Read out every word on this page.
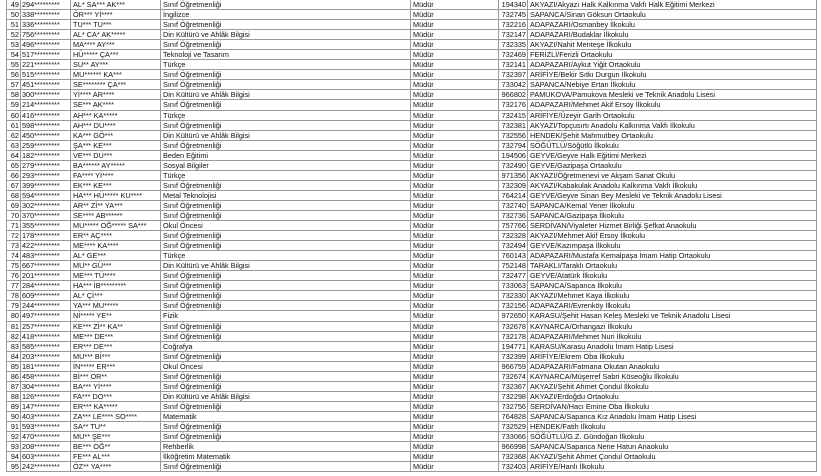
49	294*********	AL* SA*** AK***	Sınıf Öğretmenliği	Müdür	194340	AKYAZI/Akyazı Halk Kalkınma Vakfı Halk Eğitimi Merkezi
50	338*********	ÖR*** Yİ****	İngilizce	Müdür	732745	SAPANCA/Sinan Göksun Ortaokulu
51	336*********	TU*** TU***	Sınıf Öğretmenliği	Müdür	732216	ADAPAZARI/Osmanbey İlkokulu
52	756*********	AL* CA* AK*****	Din Kültürü ve Ahlâk Bilgisi	Müdür	732147	ADAPAZARI/Budaklar İlkokulu
53	496*********	MA**** AY***	Sınıf Öğretmenliği	Müdür	732335	AKYAZI/Nahit Menteşe İlkokulu
54	517*********	HÜ***** ÇA***	Teknoloji ve Tasarım	Müdür	732469	FERİZLİ/Ferizli Ortaokulu
55	221*********	SU** AY***	Türkçe	Müdür	732141	ADAPAZARI/Aykut Yiğit Ortaokulu
56	515*********	MU****** KA***	Sınıf Öğretmenliği	Müdür	732397	ARİFİYE/Bekir Sıtkı Durgun İlkokulu
57	451*********	SE******** ÇA***	Sınıf Öğretmenliği	Müdür	733042	SAPANCA/Nebiye Ertan İlkokulu
58	300*********	Yİ**** AR****	Din Kültürü ve Ahlâk Bilgisi	Müdür	966802	PAMUKOVA/Pamukova Mesleki ve Teknik Anadolu Lisesi
59	214*********	SE*** AK****	Sınıf Öğretmenliği	Müdür	732176	ADAPAZARI/Mehmet Akif Ersoy İlkokulu
60	416*********	AH*** KA*****	Türkçe	Müdür	732415	ARİFİYE/Üzeyir Garih Ortaokulu
61	598*********	AH*** DU****	Sınıf Öğretmenliği	Müdür	732381	AKYAZI/Topçusırtı Anadolu Kalkınma Vakfı İlkokulu
62	450*********	KA*** GÖ***	Din Kültürü ve Ahlâk Bilgisi	Müdür	732556	HENDEK/Şehit Mahmutbey Ortaokulu
63	259*********	ŞA*** KE***	Sınıf Öğretmenliği	Müdür	732794	SÖĞÜTLÜ/Söğütlü İlkokulu
64	182*********	VE*** DU***	Beden Eğitimi	Müdür	194506	GEYVE/Geyve Halk Eğitimi Merkezi
65	279*********	BA****** AY*****	Sosyal Bilgiler	Müdür	732490	GEYVE/Gazipaşa Ortaokulu
66	293*********	FA**** Yİ****	Türkçe	Müdür	971356	AKYAZI/Öğretmenevi ve Akşam Sanat Okulu
67	399*********	EK*** KE***	Sınıf Öğretmenliği	Müdür	732309	AKYAZI/Kabakulak Anadolu Kalkınma Vakfı İlkokulu
68	594*********	HA*** HÜ***** KU****	Metal Teknolojisi	Müdür	764214	GEYVE/Geyve Sinan Bey Mesleki ve Teknik Anadolu Lisesi
69	302*********	AR** Zİ** YA***	Sınıf Öğretmenliği	Müdür	732740	SAPANCA/Kemal Yener İlkokulu
70	370*********	SE**** AB******	Sınıf Öğretmenliği	Müdür	732736	SAPANCA/Gazipaşa İlkokulu
71	355*********	MU***** OĞ***** SA***	Okul Öncesi	Müdür	757766	SERDİVAN/Viyaleter Hizmet Birliği Şefkat Anaokulu
72	178*********	ER** AÇ****	Sınıf Öğretmenliği	Müdür	732328	AKYAZI/Mehmet Akif Ersoy İlkokulu
73	422*********	ME**** KA****	Sınıf Öğretmenliği	Müdür	732494	GEYVE/Kazımpaşa İlkokulu
74	483*********	AL* GE***	Türkçe	Müdür	760143	ADAPAZARI/Mustafa Kemalpaşa İmam Hatip Ortaokulu
75	667*********	MU** GÜ***	Din Kültürü ve Ahlâk Bilgisi	Müdür	752148	TARAKLI/Taraklı Ortaokulu
76	201*********	ME*** TÜ****	Sınıf Öğretmenliği	Müdür	732477	GEYVE/Atatürk İlkokulu
77	284*********	HA*** İB*********	Sınıf Öğretmenliği	Müdür	733063	SAPANCA/Sapanca İlkokulu
78	609*********	AL* Çİ***	Sınıf Öğretmenliği	Müdür	732330	AKYAZI/Mehmet Kaya İlkokulu
79	244*********	YA*** MU*****	Sınıf Öğretmenliği	Müdür	732156	ADAPAZARI/Evrenköy İlkokulu
80	497*********	Nİ***** YE**	Fizik	Müdür	972650	KARASU/Şehit Hasan Keleş Mesleki ve Teknik Anadolu Lisesi
81	257*********	KE*** Zİ** KA**	Sınıf Öğretmenliği	Müdür	732678	KAYNARCA/Orhangazi İlkokulu
82	418*********	ME*** DE***	Sınıf Öğretmenliği	Müdür	732178	ADAPAZARI/Mehmet Nuri İlkokulu
83	585*********	ER*** DE***	Coğrafya	Müdür	194771	KARASU/Karasu Anadolu İmam Hatip Lisesi
84	203*********	MU*** Bİ***	Sınıf Öğretmenliği	Müdür	732399	ARİFİYE/Ekrem Oba İlkokulu
85	181*********	İN***** ER***	Okul Öncesi	Müdür	966759	ADAPAZARI/Fatmana Okutan Anaokulu
86	458*********	Bİ*** OR**	Sınıf Öğretmenliği	Müdür	732674	KAYNARCA/Müşerref Sabri Köseoğlu İlkokulu
87	304*********	BA*** Yİ****	Sınıf Öğretmenliği	Müdür	732367	AKYAZI/Şehit Ahmet Çondul İlkokulu
88	126*********	FA*** DO***	Din Kültürü ve Ahlâk Bilgisi	Müdür	732298	AKYAZI/Erdoğdu Ortaokulu
89	147*********	ER*** KA*****	Sınıf Öğretmenliği	Müdür	732756	SERDİVAN/Hacı Emine Oba İlkokulu
90	403*********	ZA*** LE**** SO****	Matematik	Müdür	764828	SAPANCA/Sapanca Kız Anadolu İmam Hatip Lisesi
91	593*********	SA** TU**	Sınıf Öğretmenliği	Müdür	732529	HENDEK/Fatih İlkokulu
92	470*********	MU** ŞE***	Sınıf Öğretmenliği	Müdür	733066	SÖĞÜTLÜ/G.Z. Gündoğan İlkokulu
93	208*********	BE*** OĞ**	Rehberlik	Müdür	966998	SAPANCA/Sapanca Nene Hatun Anaokulu
94	603*********	FE*** AL***	İlköğretim Matematik	Müdür	732368	AKYAZI/Şehit Ahmet Çondul Ortaokulu
95	242*********	ÖZ** YA****	Sınıf Öğretmenliği	Müdür	732403	ARİFİYE/Hanlı İlkokulu
